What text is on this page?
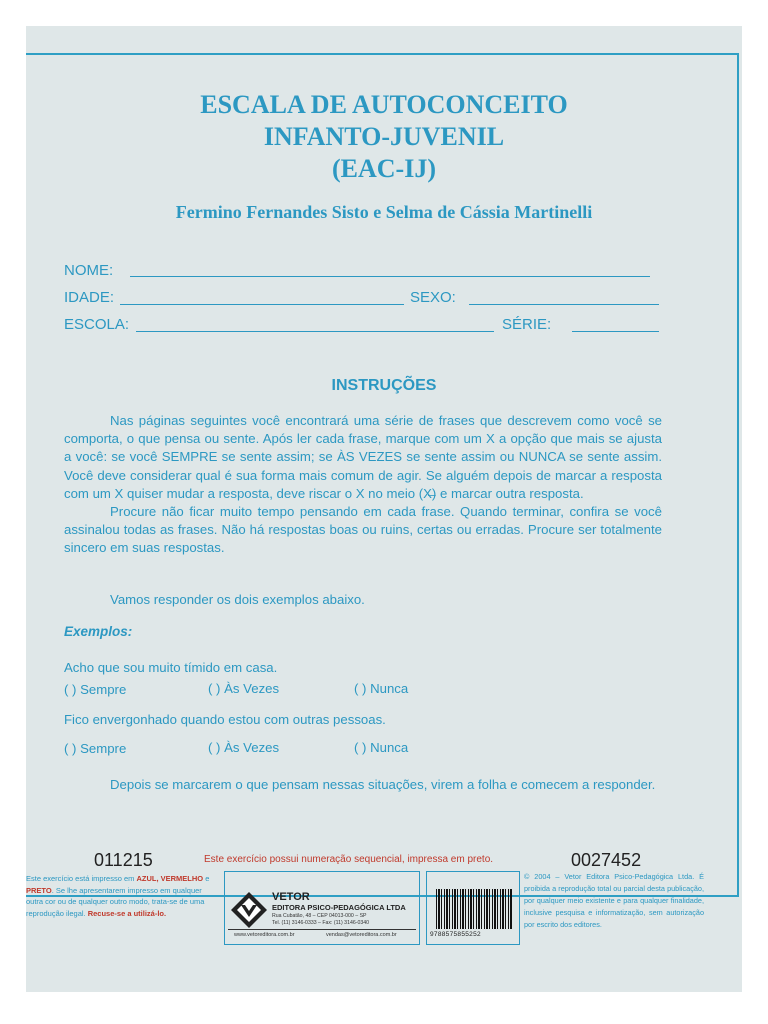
ESCALA DE AUTOCONCEITO
INFANTO-JUVENIL
(EAC-IJ)
Fermino Fernandes Sisto e Selma de Cássia Martinelli
NOME:
IDADE:	SEXO:
ESCOLA:	SÉRIE:
INSTRUÇÕES

Nas páginas seguintes você encontrará uma série de frases que descrevem como você se comporta, o que pensa ou sente. Após ler cada frase, marque com um X a opção que mais se ajusta a você: se você SEMPRE se sente assim; se ÀS VEZES se sente assim ou NUNCA se sente assim. Você deve considerar qual é sua forma mais comum de agir. Se alguém depois de marcar a resposta com um X quiser mudar a resposta, deve riscar o X no meio (X̶) e marcar outra resposta.

Procure não ficar muito tempo pensando em cada frase. Quando terminar, confira se você assinalou todas as frases. Não há respostas boas ou ruins, certas ou erradas. Procure ser totalmente sincero em suas respostas.

Vamos responder os dois exemplos abaixo.

Exemplos:
Acho que sou muito tímido em casa.
( ) Sempre	( ) Às Vezes	( ) Nunca
Fico envergonhado quando estou com outras pessoas.
( ) Sempre	( ) Às Vezes	( ) Nunca

Depois se marcarem o que pensam nessas situações, virem a folha e comecem a responder.

011215	Este exercício possui numeração sequencial, impressa em preto.	0027452
Este exercício está impresso em AZUL, VERMELHO e PRETO. Se lhe apresentarem impresso em qualquer outra cor ou de qualquer outro modo, trata-se de uma reprodução ilegal. Recuse-se a utilizá-lo.
VETOR
EDITORA PSICO-PEDAGÓGICA LTDA
Rua Cubatão, 48 – CEP 04013-000 – SP
Tel. (11) 3146-0333 – Fax: (11) 3146-0340
www.vetoreditora.com.br	vendas@vetoreditora.com.br	9788575855252
© 2004 – Vetor Editora Psico-Pedagógica Ltda. É proibida a reprodução total ou parcial desta publicação, por qualquer meio existente e para qualquer finalidade, inclusive pesquisa e informatização, sem autorização por escrito dos editores.
